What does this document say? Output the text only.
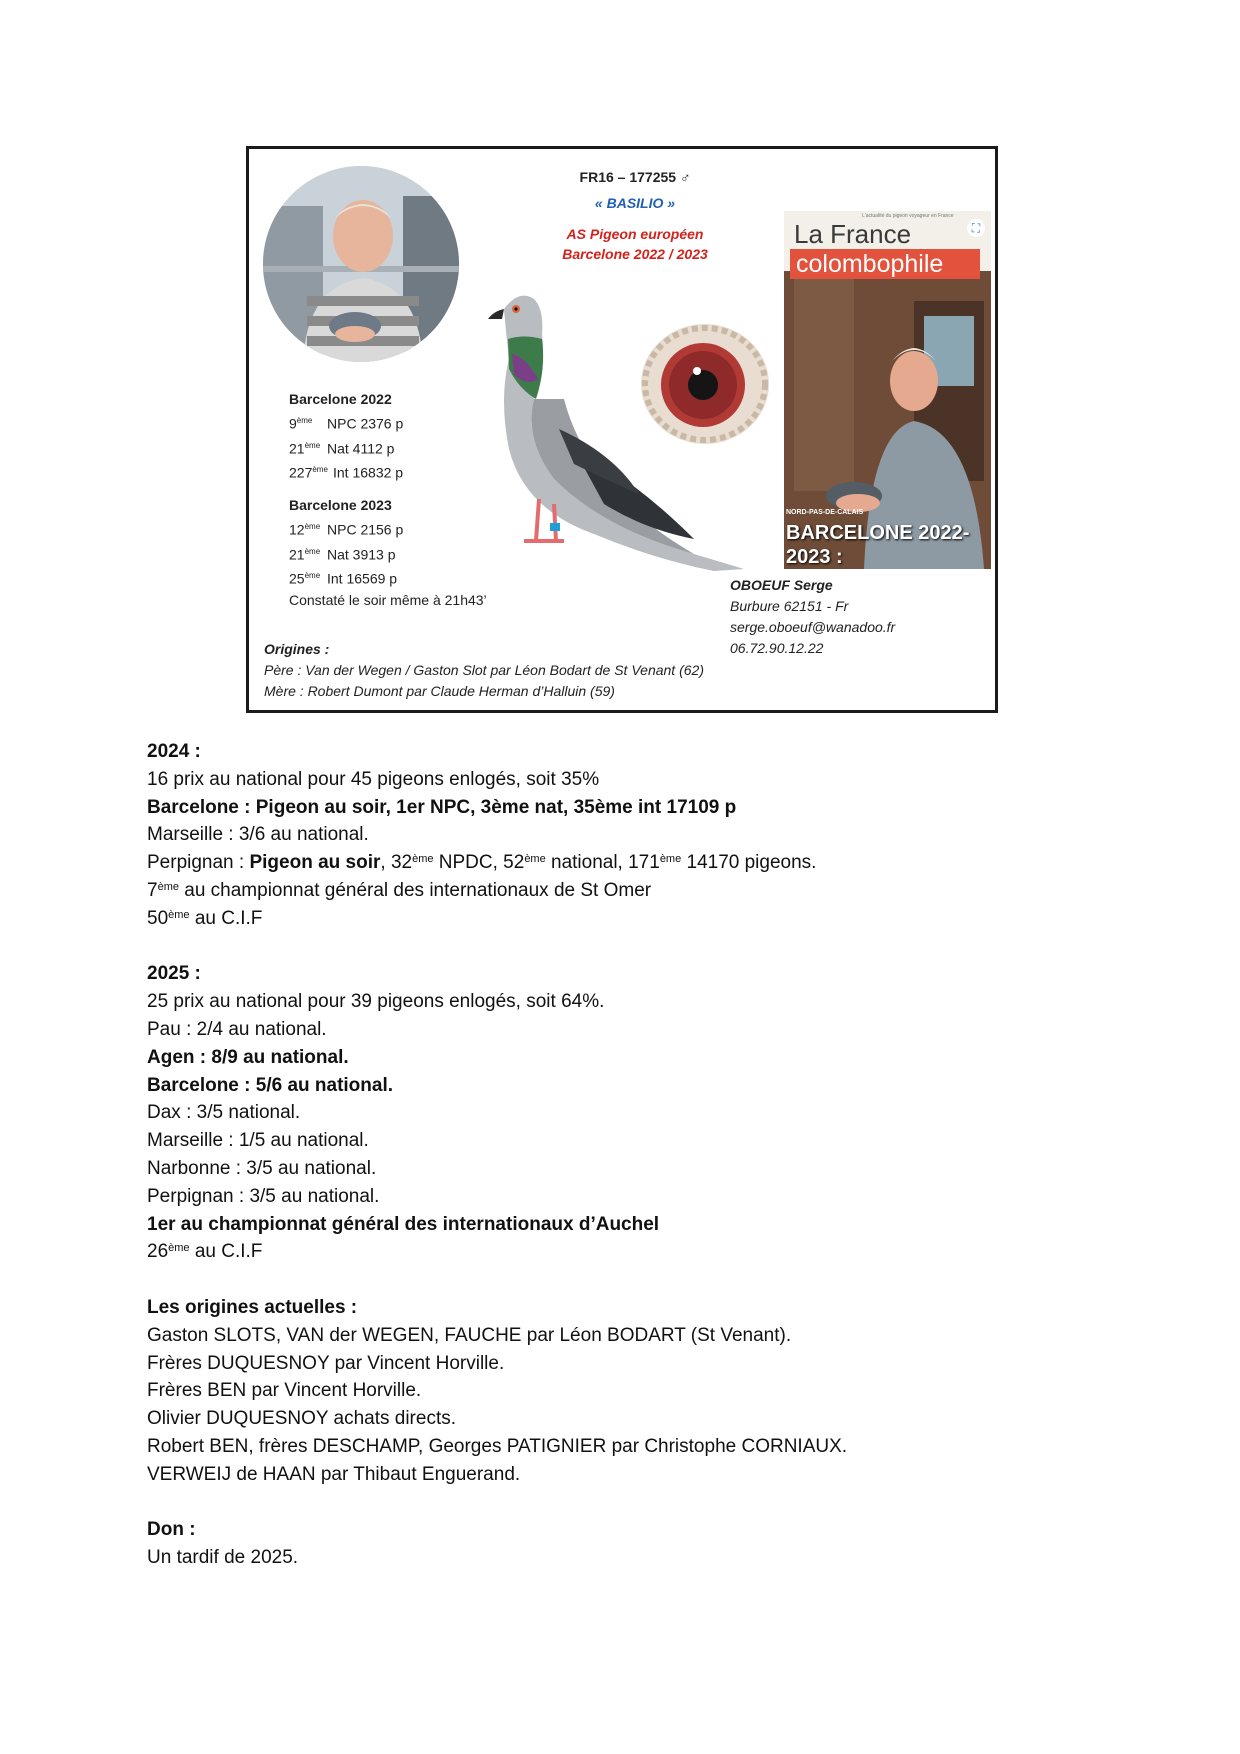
FR16 – 177255 ♂
« BASILIO »
AS Pigeon européen
Barcelone 2022 / 2023
L'actualité du pigeon voyageur en France
La France
colombophile
⛶
NORD-PAS-DE-CALAIS
BARCELONE 2022-2023 :
Barcelone 2022
9ème NPC 2376 p
21ème Nat 4112 p
227ème Int 16832 p
Barcelone 2023
12ème NPC 2156 p
21ème Nat 3913 p
25ème Int 16569 p
Constaté le soir même à 21h43’
OBOEUF Serge
Burbure 62151 - Fr
serge.oboeuf@wanadoo.fr
06.72.90.12.22
Origines :
Père : Van der Wegen / Gaston Slot par Léon Bodart de St Venant (62)
Mère : Robert Dumont par Claude Herman d’Halluin (59)

2024 :

16 prix au national pour 45 pigeons enlogés, soit 35%

Barcelone : Pigeon au soir, 1er NPC, 3ème nat, 35ème int 17109 p

Marseille : 3/6 au national.

Perpignan : Pigeon au soir, 32ème NPDC, 52ème national, 171ème 14170 pigeons.

7ème au championnat général des internationaux de St Omer

50ème au C.I.F

2025 :

25 prix au national pour 39 pigeons enlogés, soit 64%.

Pau : 2/4 au national.

Agen : 8/9 au national.

Barcelone : 5/6 au national.

Dax : 3/5 national.

Marseille : 1/5 au national.

Narbonne : 3/5 au national.

Perpignan : 3/5 au national.

1er au championnat général des internationaux d’Auchel

26ème au C.I.F

Les origines actuelles :

Gaston SLOTS, VAN der WEGEN, FAUCHE par Léon BODART (St Venant).

Frères DUQUESNOY par Vincent Horville.

Frères BEN par Vincent Horville.

Olivier DUQUESNOY achats directs.

Robert BEN, frères DESCHAMP, Georges PATIGNIER par Christophe CORNIAUX.

VERWEIJ de HAAN par Thibaut Enguerand.

Don :

Un tardif de 2025.
